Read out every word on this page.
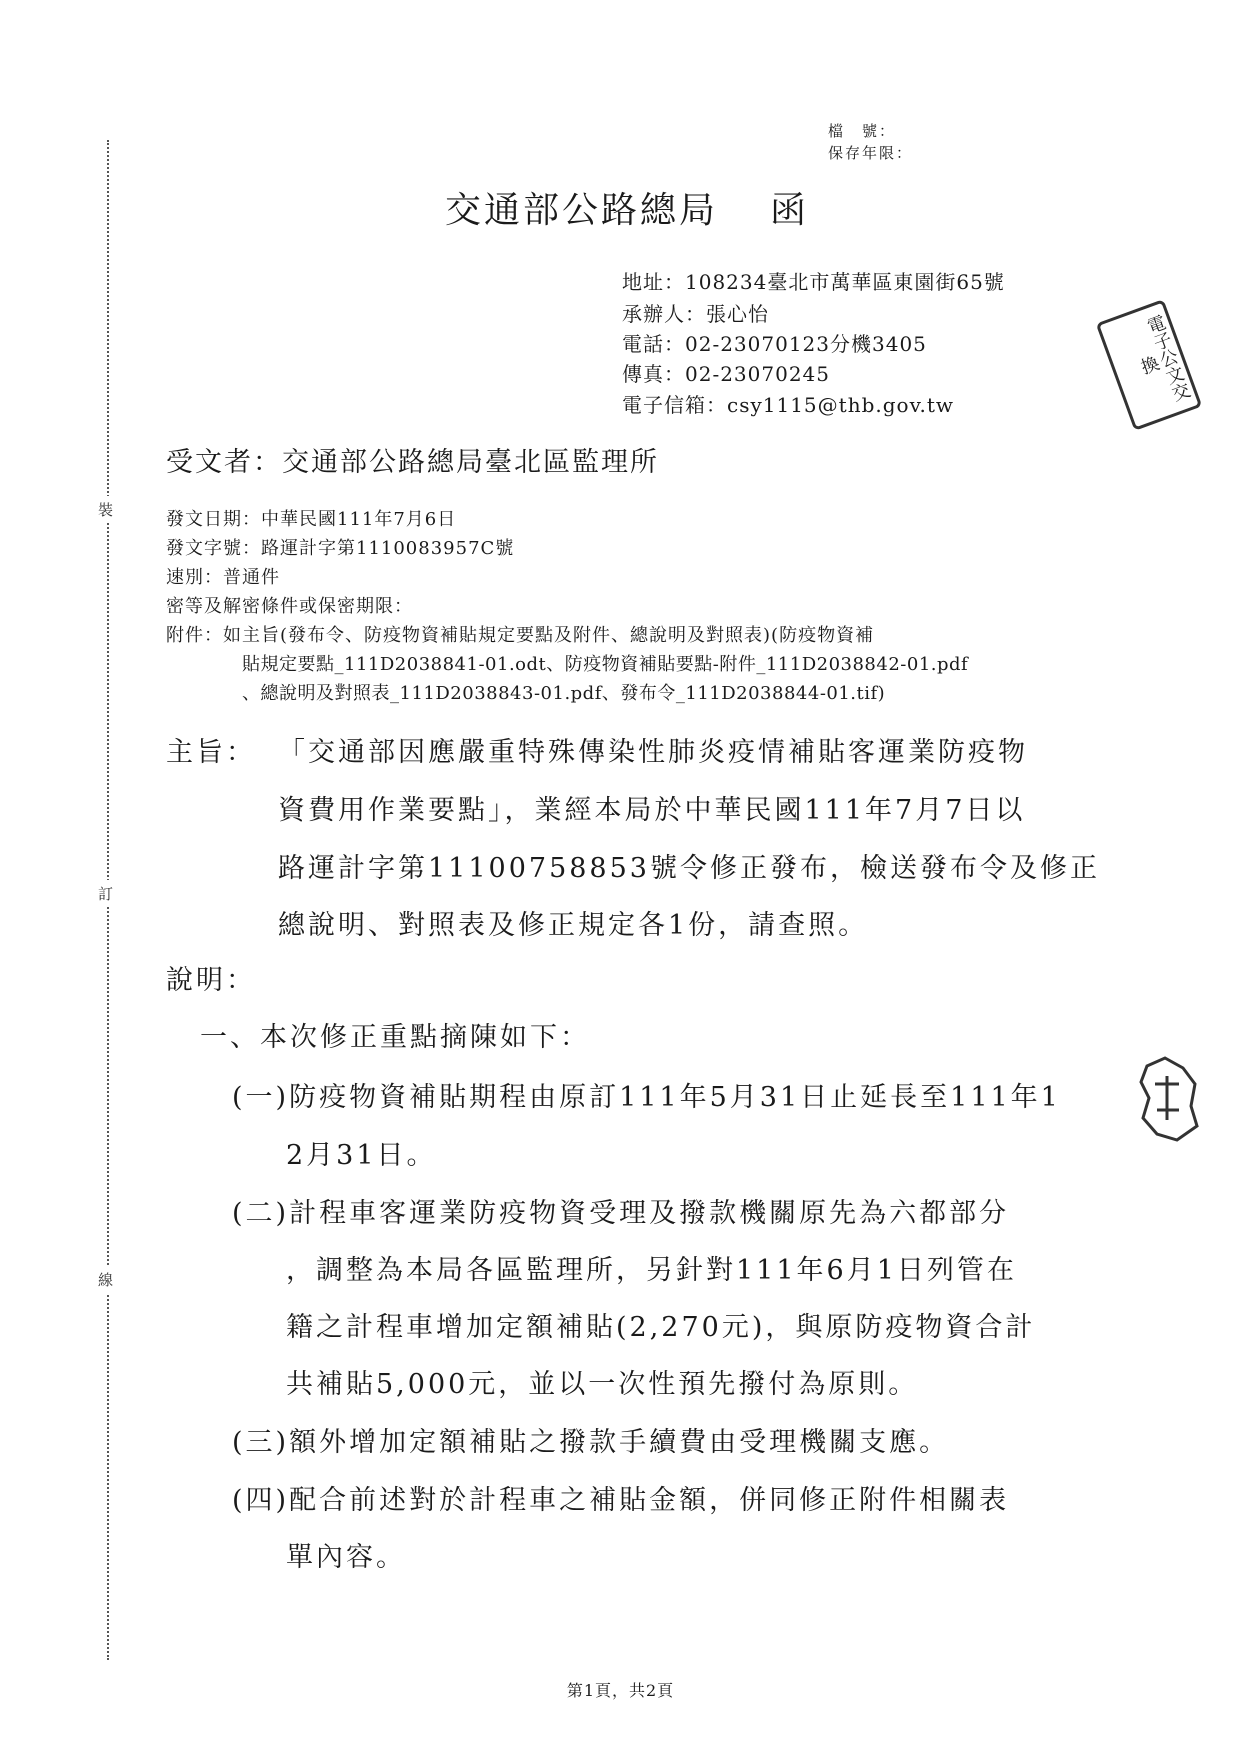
裝
訂
線
檔　號：
保存年限：
交通部公路總局 函
地址：108234臺北市萬華區東園街65號
承辦人：張心怡
電話：02-23070123分機3405
傳真：02-23070245
電子信箱：csy1115@thb.gov.tw
電子公文交換
受文者：交通部公路總局臺北區監理所
發文日期：中華民國111年7月6日
發文字號：路運計字第1110083957C號
速別：普通件
密等及解密條件或保密期限：
附件：如主旨(發布令、防疫物資補貼規定要點及附件、總說明及對照表)(防疫物資補
貼規定要點_111D2038841-01.odt、防疫物資補貼要點-附件_111D2038842-01.pdf
、總說明及對照表_111D2038843-01.pdf、發布令_111D2038844-01.tif)
主旨： 「交通部因應嚴重特殊傳染性肺炎疫情補貼客運業防疫物
資費用作業要點」，業經本局於中華民國111年7月7日以
路運計字第11100758853號令修正發布，檢送發布令及修正
總說明、對照表及修正規定各1份，請查照。
說明：
一、本次修正重點摘陳如下：
(一)防疫物資補貼期程由原訂111年5月31日止延長至111年1
2月31日。
(二)計程車客運業防疫物資受理及撥款機關原先為六都部分
，調整為本局各區監理所，另針對111年6月1日列管在
籍之計程車增加定額補貼(2,270元)，與原防疫物資合計
共補貼5,000元，並以一次性預先撥付為原則。
(三)額外增加定額補貼之撥款手續費由受理機關支應。
(四)配合前述對於計程車之補貼金額，併同修正附件相關表
單內容。
第1頁，共2頁
